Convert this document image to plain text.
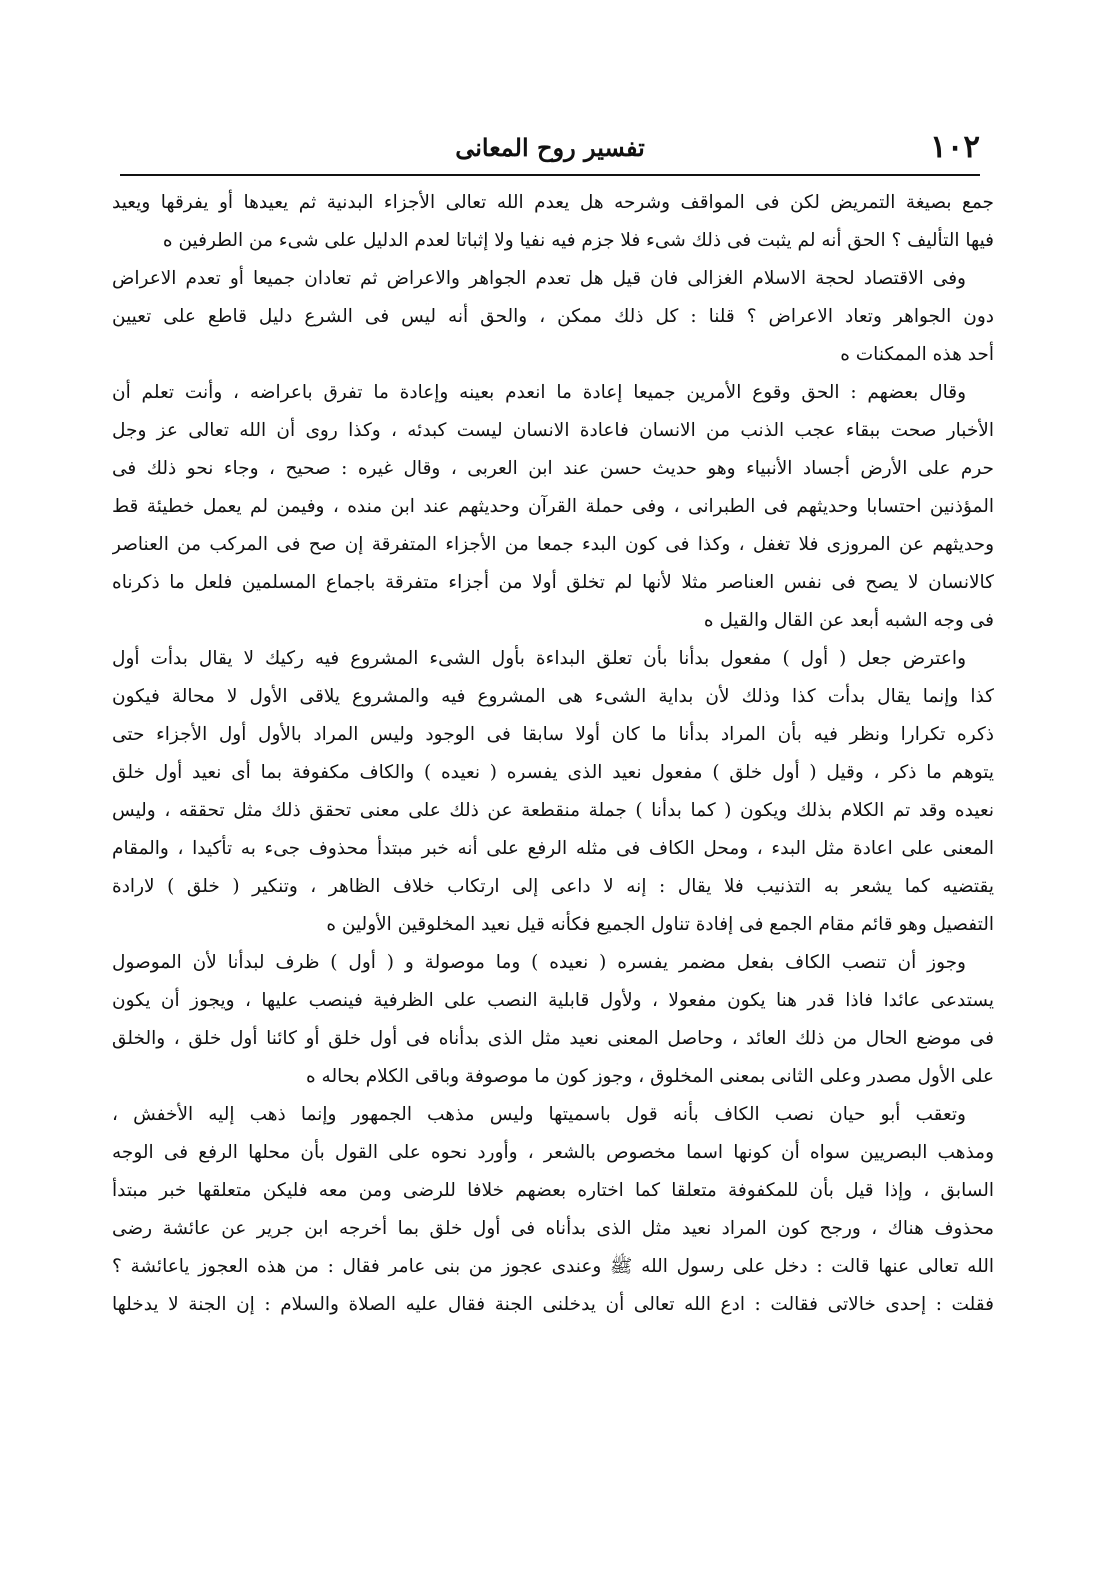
١٠٢
تفسير روح المعانى
جمع بصيغة التمريض لكن فى المواقف وشرحه هل يعدم الله تعالى الأجزاء البدنية ثم يعيدها أو يفرقها ويعيد
فيها التأليف ؟ الحق أنه لم يثبت فى ذلك شىء فلا جزم فيه نفيا ولا إثباتا لعدم الدليل على شىء من الطرفين ه
وفى الاقتصاد لحجة الاسلام الغزالى فان قيل هل تعدم الجواهر والاعراض ثم تعادان جميعا أو تعدم الاعراض
دون الجواهر وتعاد الاعراض ؟ قلنا : كل ذلك ممكن ، والحق أنه ليس فى الشرع دليل قاطع على تعيين
أحد هذه الممكنات ه
وقال بعضهم : الحق وقوع الأمرين جميعا إعادة ما انعدم بعينه وإعادة ما تفرق باعراضه ، وأنت تعلم أن
الأخبار صحت ببقاء عجب الذنب من الانسان فاعادة الانسان ليست كبدئه ، وكذا روى أن الله تعالى عز وجل
حرم على الأرض أجساد الأنبياء وهو حديث حسن عند ابن العربى ، وقال غيره : صحيح ، وجاء نحو ذلك فى
المؤذنين احتسابا وحديثهم فى الطبرانى ، وفى حملة القرآن وحديثهم عند ابن منده ، وفيمن لم يعمل خطيئة قط
وحديثهم عن المروزى فلا تغفل ، وكذا فى كون البدء جمعا من الأجزاء المتفرقة إن صح فى المركب من العناصر
كالانسان لا يصح فى نفس العناصر مثلا لأنها لم تخلق أولا من أجزاء متفرقة باجماع المسلمين فلعل ما ذكرناه
فى وجه الشبه أبعد عن القال والقيل ه
واعترض جعل ( أول ) مفعول بدأنا بأن تعلق البداءة بأول الشىء المشروع فيه ركيك لا يقال بدأت أول
كذا وإنما يقال بدأت كذا وذلك لأن بداية الشىء هى المشروع فيه والمشروع يلاقى الأول لا محالة فيكون
ذكره تكرارا ونظر فيه بأن المراد بدأنا ما كان أولا سابقا فى الوجود وليس المراد بالأول أول الأجزاء حتى
يتوهم ما ذكر ، وقيل ( أول خلق ) مفعول نعيد الذى يفسره ( نعيده ) والكاف مكفوفة بما أى نعيد أول خلق
نعيده وقد تم الكلام بذلك ويكون ( كما بدأنا ) جملة منقطعة عن ذلك على معنى تحقق ذلك مثل تحققه ، وليس
المعنى على اعادة مثل البدء ، ومحل الكاف فى مثله الرفع على أنه خبر مبتدأ محذوف جىء به تأكيدا ، والمقام
يقتضيه كما يشعر به التذنيب فلا يقال : إنه لا داعى إلى ارتكاب خلاف الظاهر ، وتنكير ( خلق ) لارادة
التفصيل وهو قائم مقام الجمع فى إفادة تناول الجميع فكأنه قيل نعيد المخلوقين الأولين ه
وجوز أن تنصب الكاف بفعل مضمر يفسره ( نعيده ) وما موصولة و ( أول ) ظرف لبدأنا لأن الموصول
يستدعى عائدا فاذا قدر هنا يكون مفعولا ، ولأول قابلية النصب على الظرفية فينصب عليها ، ويجوز أن يكون
فى موضع الحال من ذلك العائد ، وحاصل المعنى نعيد مثل الذى بدأناه فى أول خلق أو كائنا أول خلق ، والخلق
على الأول مصدر وعلى الثانى بمعنى المخلوق ، وجوز كون ما موصوفة وباقى الكلام بحاله ه
وتعقب أبو حيان نصب الكاف بأنه قول باسميتها وليس مذهب الجمهور وإنما ذهب إليه الأخفش ،
ومذهب البصريين سواه أن كونها اسما مخصوص بالشعر ، وأورد نحوه على القول بأن محلها الرفع فى الوجه
السابق ، وإذا قيل بأن للمكفوفة متعلقا كما اختاره بعضهم خلافا للرضى ومن معه فليكن متعلقها خبر مبتدأ
محذوف هناك ، ورجح كون المراد نعيد مثل الذى بدأناه فى أول خلق بما أخرجه ابن جرير عن عائشة رضى
الله تعالى عنها قالت : دخل على رسول الله ﷺ وعندى عجوز من بنى عامر فقال : من هذه العجوز ياعائشة ؟
فقلت : إحدى خالاتى فقالت : ادع الله تعالى أن يدخلنى الجنة فقال عليه الصلاة والسلام : إن الجنة لا يدخلها
